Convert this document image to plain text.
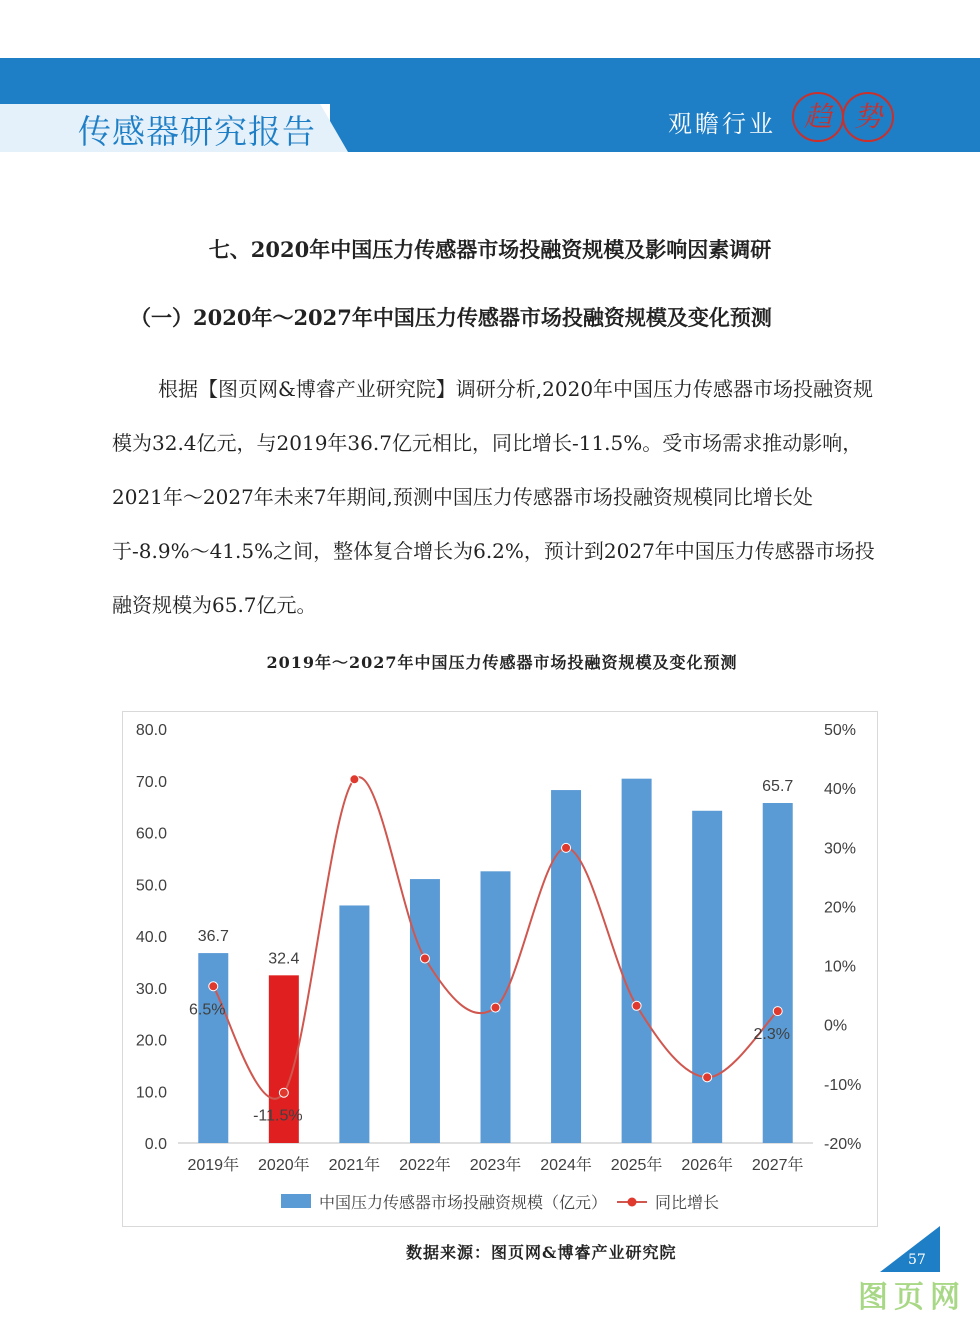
传感器研究报告	观瞻行业 趋 势
七、2020年中国压力传感器市场投融资规模及影响因素调研
（一）2020年～2027年中国压力传感器市场投融资规模及变化预测

根据【图页网&博睿产业研究院】调研分析,2020年中国压力传感器市场投融资规模为32.4亿元，与2019年36.7亿元相比，同比增长-11.5%。受市场需求推动影响，2021年～2027年未来7年期间,预测中国压力传感器市场投融资规模同比增长处于-8.9%～41.5%之间，整体复合增长为6.2%，预计到2027年中国压力传感器市场投融资规模为65.7亿元。

2019年～2027年中国压力传感器市场投融资规模及变化预测
0.0
10.0
20.0
30.0
40.0
50.0
60.0
70.0
80.0
-20%
-10%
0%
10%
20%
30%
40%
50%
2019年 2020年 2021年 2022年 2023年 2024年 2025年 2026年 2027年
36.7
32.4
65.7
6.5%
-11.5%
2.3%
中国压力传感器市场投融资规模（亿元）	同比增长
数据来源：图页网&博睿产业研究院	57
图页网
